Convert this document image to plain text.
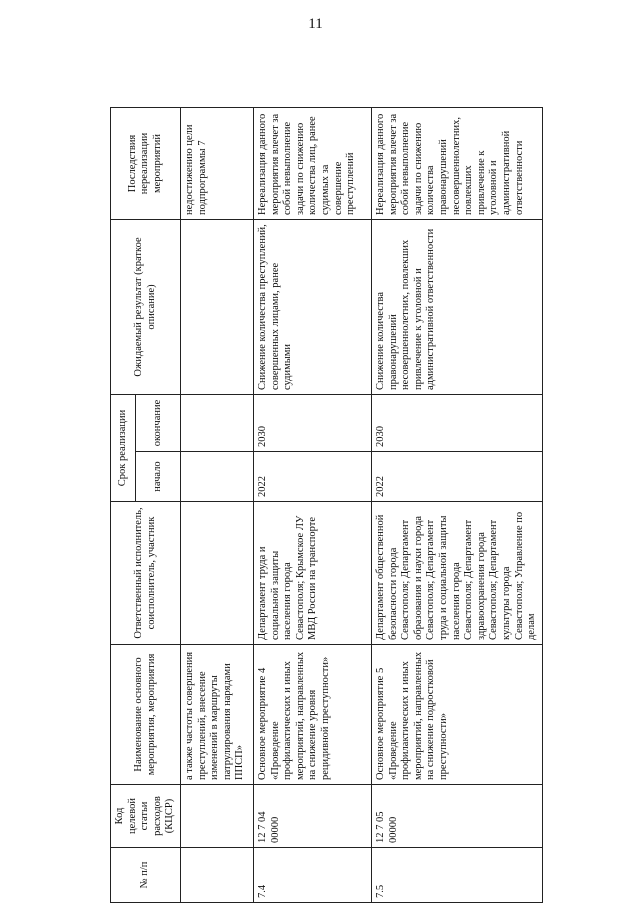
11
№ п/п	Код целевой статьи расходов (КЦСР)	Наименование основного мероприятия, мероприятия	Ответственный исполнитель, соисполнитель, участник	Срок реализации		Ожидаемый результат (краткое описание)	Последствия нереализации мероприятий
				начало	окончание		
		а также частоты совершения преступлений, внесение изменений в маршруты патрулирования нарядами ППСП»					недостижению цели подпрограммы 7
7.4	12 7 04 00000	Основное мероприятие 4 «Проведение профилактических и иных мероприятий, направленных на снижение уровня рецидивной преступности»	Департамент труда и социальной защиты населения города Севастополя; Крымское ЛУ МВД России на транспорте	2022	2030	Снижение количества преступлений, совершенных лицами, ранее судимыми	Нереализация данного мероприятия влечет за собой невыполнение задачи по снижению количества лиц, ранее судимых за совершение преступлений
7.5	12 7 05 00000	Основное мероприятие 5 «Проведение профилактических и иных мероприятий, направленных на снижение подростковой преступности»	Департамент общественной безопасности города Севастополя; Департамент образования и науки города Севастополя; Департамент труда и социальной защиты населения города Севастополя; Департамент здравоохранения города Севастополя; Департамент культуры города Севастополя; Управление по делам	2022	2030	Снижение количества правонарушений несовершеннолетних, повлекших привлечение к уголовной и административной ответственности	Нереализация данного мероприятия влечет за собой невыполнение задачи по снижению количества правонарушений несовершеннолетних, повлекших привлечение к уголовной и административной ответственности
